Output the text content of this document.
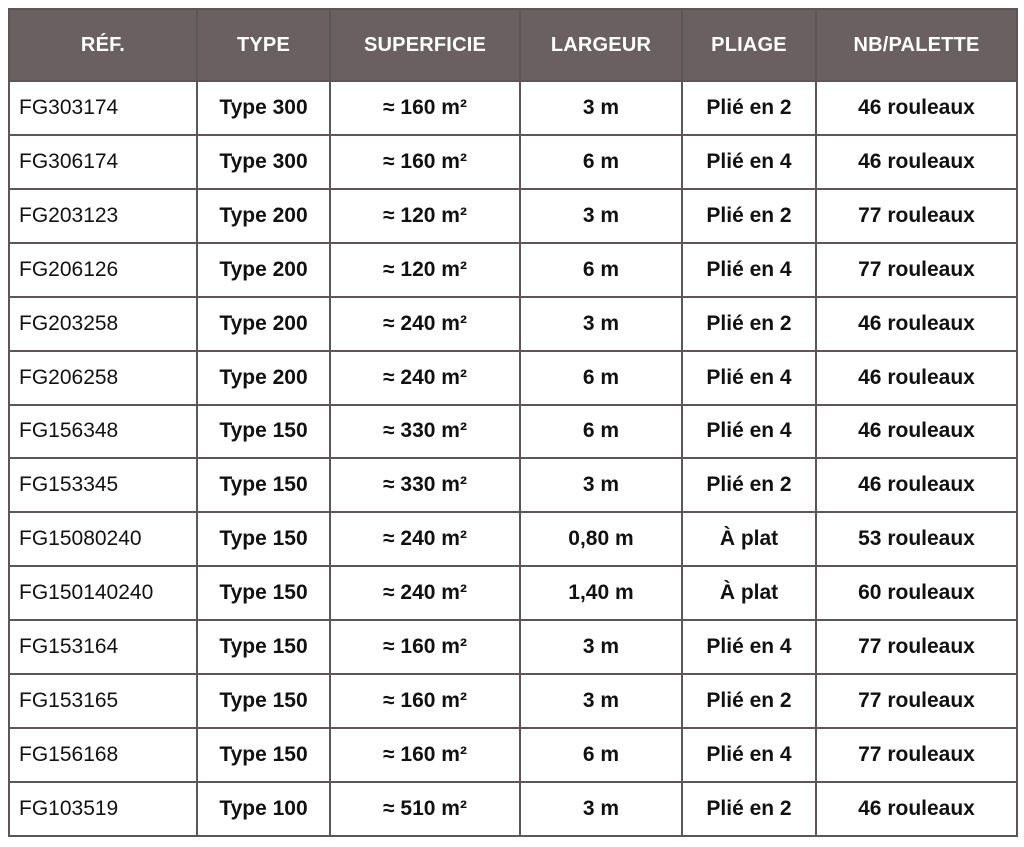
RÉF.	TYPE	SUPERFICIE	LARGEUR	PLIAGE	NB/PALETTE
FG303174	Type 300	≈ 160 m²	3 m	Plié en 2	46 rouleaux
FG306174	Type 300	≈ 160 m²	6 m	Plié en 4	46 rouleaux
FG203123	Type 200	≈ 120 m²	3 m	Plié en 2	77 rouleaux
FG206126	Type 200	≈ 120 m²	6 m	Plié en 4	77 rouleaux
FG203258	Type 200	≈ 240 m²	3 m	Plié en 2	46 rouleaux
FG206258	Type 200	≈ 240 m²	6 m	Plié en 4	46 rouleaux
FG156348	Type 150	≈ 330 m²	6 m	Plié en 4	46 rouleaux
FG153345	Type 150	≈ 330 m²	3 m	Plié en 2	46 rouleaux
FG15080240	Type 150	≈ 240 m²	0,80 m	À plat	53 rouleaux
FG150140240	Type 150	≈ 240 m²	1,40 m	À plat	60 rouleaux
FG153164	Type 150	≈ 160 m²	3 m	Plié en 4	77 rouleaux
FG153165	Type 150	≈ 160 m²	3 m	Plié en 2	77 rouleaux
FG156168	Type 150	≈ 160 m²	6 m	Plié en 4	77 rouleaux
FG103519	Type 100	≈ 510 m²	3 m	Plié en 2	46 rouleaux
